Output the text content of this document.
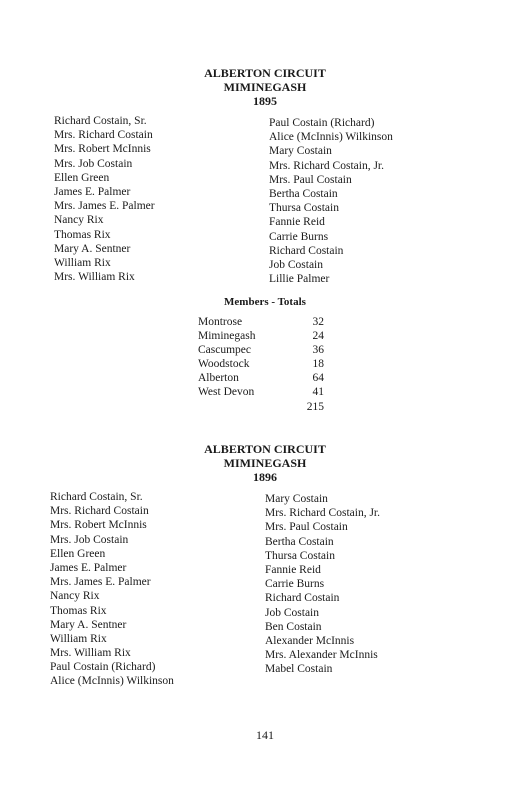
ALBERTON CIRCUIT
MIMINEGASH
1895
Richard Costain, Sr.
Mrs. Richard Costain
Mrs. Robert McInnis
Mrs. Job Costain
Ellen Green
James E. Palmer
Mrs. James E. Palmer
Nancy Rix
Thomas Rix
Mary A. Sentner
William Rix
Mrs. William Rix
Paul Costain (Richard)
Alice (McInnis) Wilkinson
Mary Costain
Mrs. Richard Costain, Jr.
Mrs. Paul Costain
Bertha Costain
Thursa Costain
Fannie Reid
Carrie Burns
Richard Costain
Job Costain
Lillie Palmer
Members - Totals
Montrose	32
Miminegash	24
Cascumpec	36
Woodstock	18
Alberton	64
West Devon	41
215
ALBERTON CIRCUIT
MIMINEGASH
1896
Richard Costain, Sr.
Mrs. Richard Costain
Mrs. Robert McInnis
Mrs. Job Costain
Ellen Green
James E. Palmer
Mrs. James E. Palmer
Nancy Rix
Thomas Rix
Mary A. Sentner
William Rix
Mrs. William Rix
Paul Costain (Richard)
Alice (McInnis) Wilkinson
Mary Costain
Mrs. Richard Costain, Jr.
Mrs. Paul Costain
Bertha Costain
Thursa Costain
Fannie Reid
Carrie Burns
Richard Costain
Job Costain
Ben Costain
Alexander McInnis
Mrs. Alexander McInnis
Mabel Costain
141
